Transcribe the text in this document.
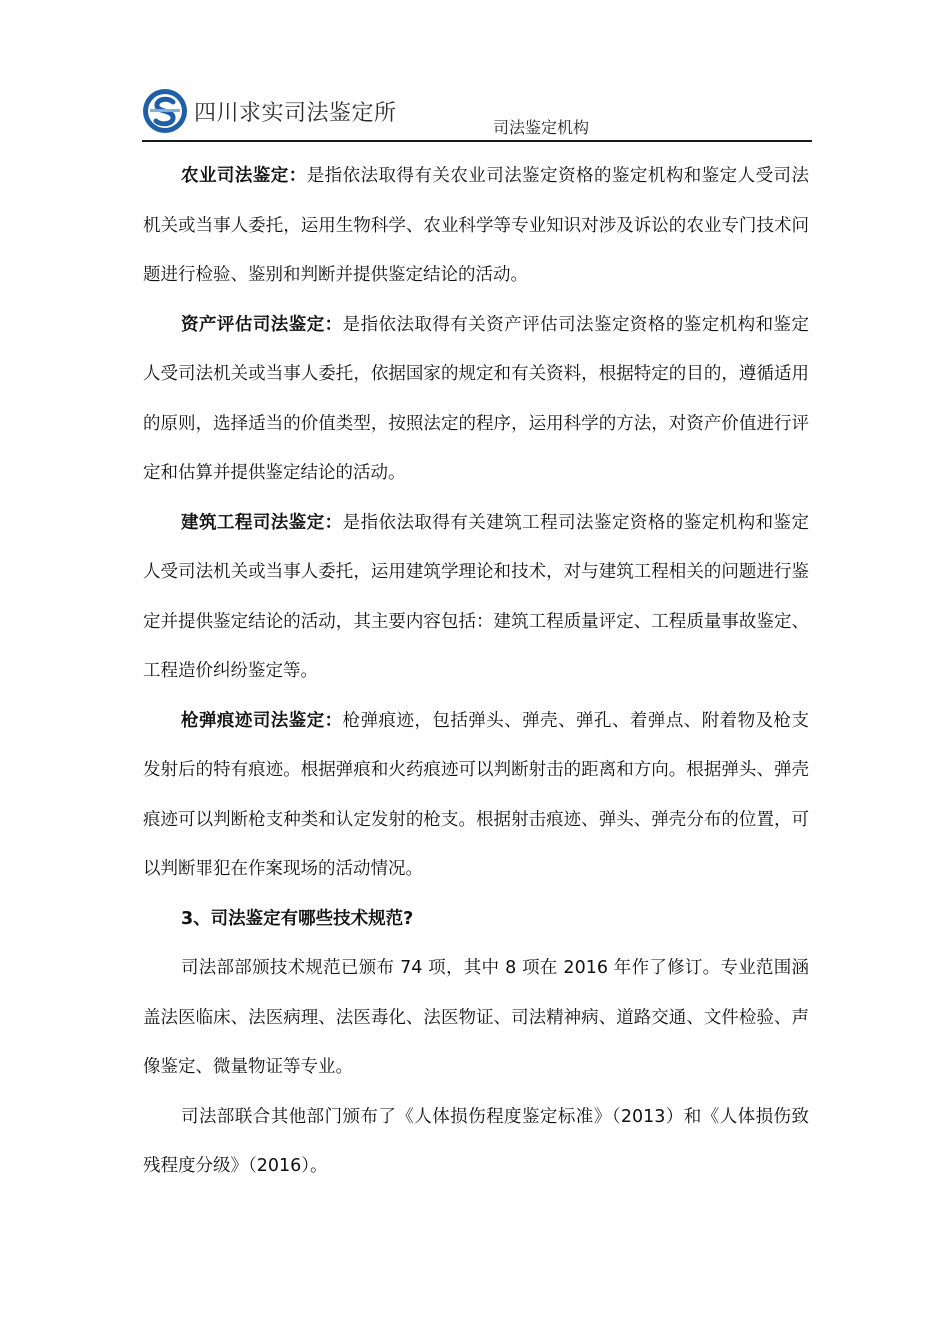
四川求实司法鉴定所
司法鉴定机构

农业司法鉴定：是指依法取得有关农业司法鉴定资格的鉴定机构和鉴定人受司法机关或当事人委托，运用生物科学、农业科学等专业知识对涉及诉讼的农业专门技术问题进行检验、鉴别和判断并提供鉴定结论的活动。

资产评估司法鉴定：是指依法取得有关资产评估司法鉴定资格的鉴定机构和鉴定人受司法机关或当事人委托，依据国家的规定和有关资料，根据特定的目的，遵循适用的原则，选择适当的价值类型，按照法定的程序，运用科学的方法，对资产价值进行评定和估算并提供鉴定结论的活动。

建筑工程司法鉴定：是指依法取得有关建筑工程司法鉴定资格的鉴定机构和鉴定人受司法机关或当事人委托，运用建筑学理论和技术，对与建筑工程相关的问题进行鉴定并提供鉴定结论的活动，其主要内容包括：建筑工程质量评定、工程质量事故鉴定、工程造价纠纷鉴定等。

枪弹痕迹司法鉴定：枪弹痕迹，包括弹头、弹壳、弹孔、着弹点、附着物及枪支发射后的特有痕迹。根据弹痕和火药痕迹可以判断射击的距离和方向。根据弹头、弹壳痕迹可以判断枪支种类和认定发射的枪支。根据射击痕迹、弹头、弹壳分布的位置，可以判断罪犯在作案现场的活动情况。

3、司法鉴定有哪些技术规范?

司法部部颁技术规范已颁布 74 项，其中 8 项在 2016 年作了修订。专业范围涵盖法医临床、法医病理、法医毒化、法医物证、司法精神病、道路交通、文件检验、声像鉴定、微量物证等专业。

司法部联合其他部门颁布了《人体损伤程度鉴定标准》（2013）和《人体损伤致残程度分级》（2016）。
